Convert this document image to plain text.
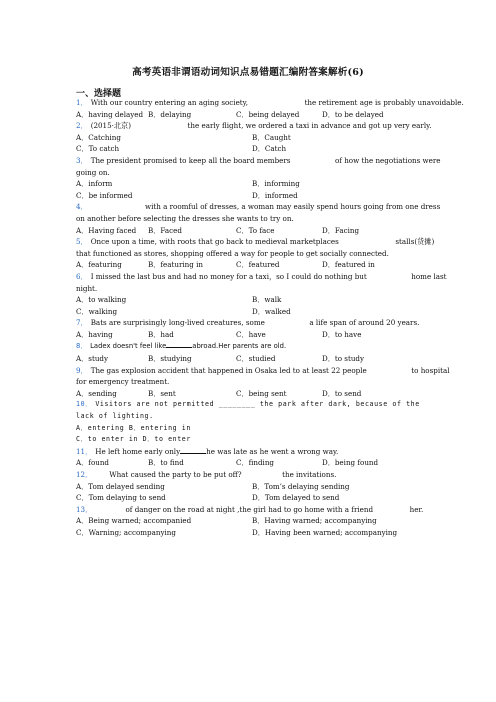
高考英语非谓语动词知识点易错题汇编附答案解析(6)
一、选择题
1． With our country entering an aging society,	the retirement age is probably unavoidable.
A．having delayed B．delaying	C．being delayed	D．to be delayed
2． (2015·北京)	the early flight, we ordered a taxi in advance and got up very early.
A．Catching	B．Caught
C．To catch	D．Catch
3． The president promised to keep all the board members	of how the negotiations were
going on.
A．inform	B．informing
C．be informed	D．informed
4．	with a roomful of dresses, a woman may easily spend hours going from one dress
on another before selecting the dresses she wants to try on.
A．Having faced	B．Faced	C．To face	D．Facing
5． Once upon a time, with roots that go back to medieval marketplaces	stalls(货摊)
that functioned as stores, shopping offered a way for people to get socially connected.
A．featuring	B．featuring in	C．featured	D．featured in
6． I missed the last bus and had no money for a taxi，so I could do nothing but	home last
night.
A．to walking	B．walk
C．walking	D．walked
7． Bats are surprisingly long-lived creatures, some	a life span of around 20 years.
A．having	B．had	C．have	D．to have
8． Ladex doesn't feel like	abroad.Her parents are old.
A．study	B．studying	C．studied	D．to study
9． The gas explosion accident that happened in Osaka led to at least 22 people	to hospital
for emergency treatment.
A．sending	B．sent	C．being sent	D．to send
10． Visitors are not permitted ________ the park after dark, because of the
lack of lighting.
A．entering B．entering in
C．to enter in D．to enter
11． He left home early only	he was late as he went a wrong way.
A．found	B．to find	C．finding	D．being found
12． What caused the party to be put off?	the invitations.
A．Tom delayed sending	B．Tom’s delaying sending
C．Tom delaying to send	D．Tom delayed to send
13．	of danger on the road at night ,the girl had to go home with a friend	her.
A．Being warned; accompanied	B．Having warned; accompanying
C．Warning; accompanying	D．Having been warned; accompanying
